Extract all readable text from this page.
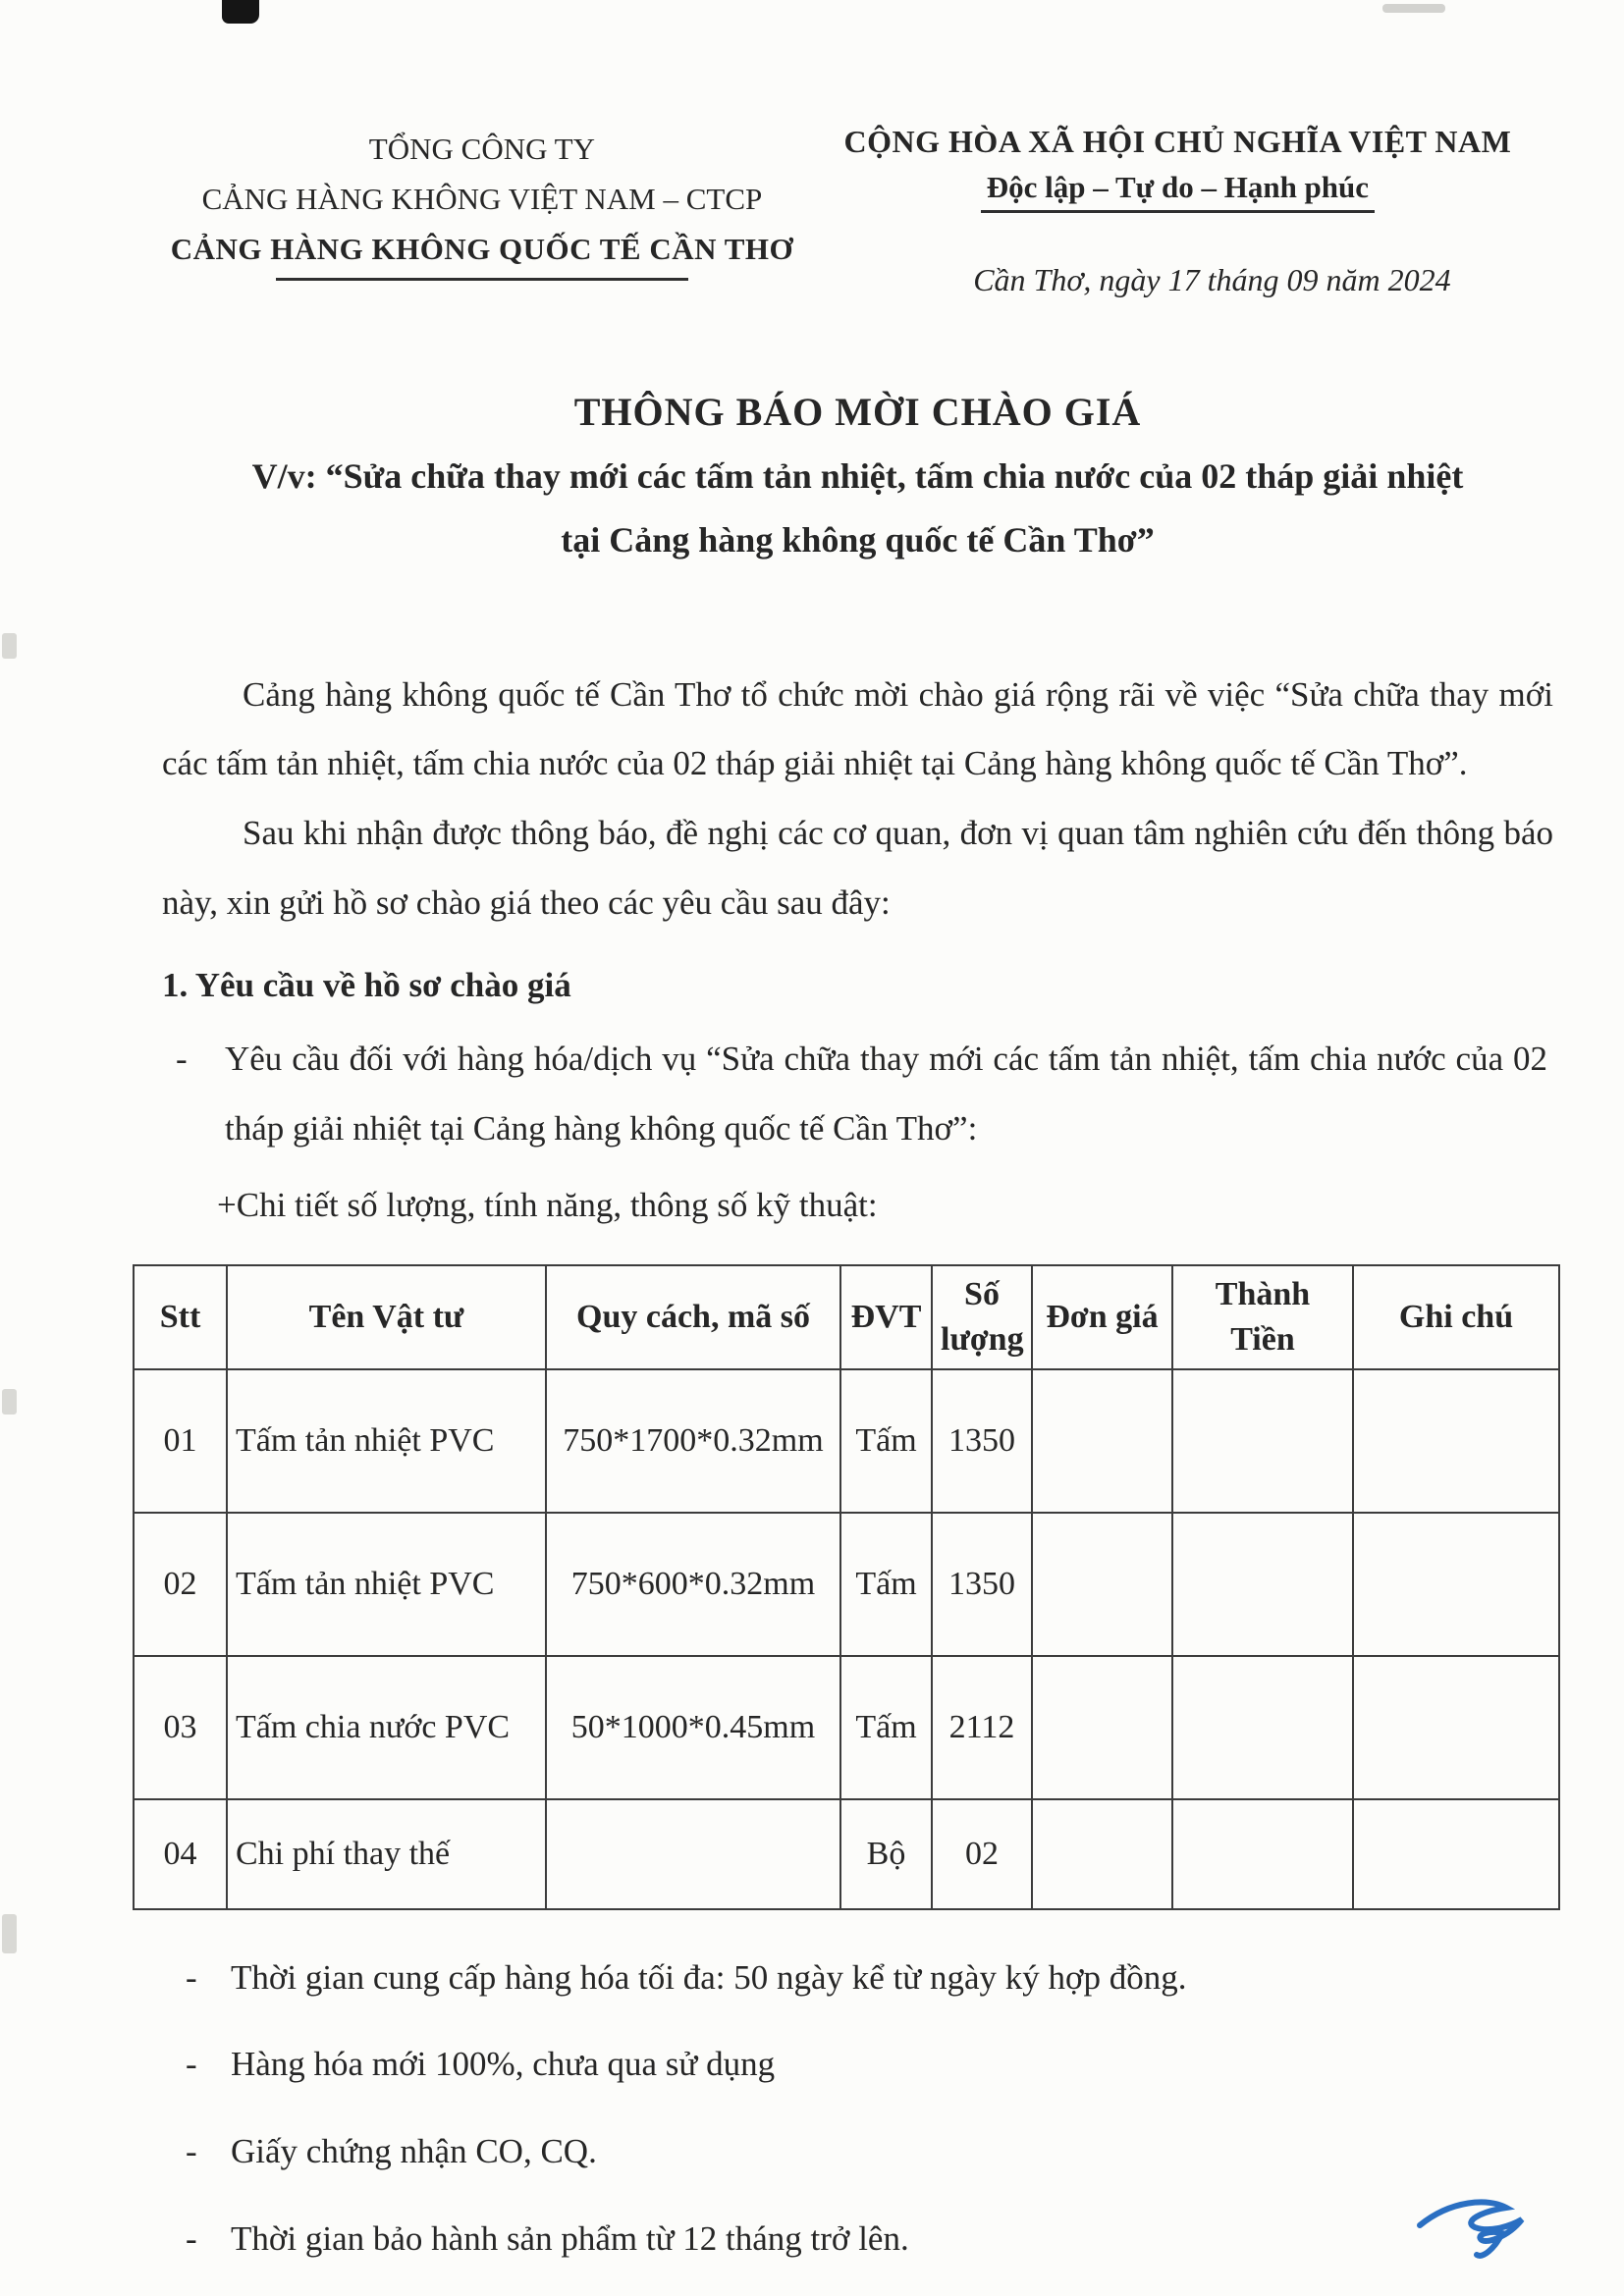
TỔNG CÔNG TY
CẢNG HÀNG KHÔNG VIỆT NAM – CTCP
CẢNG HÀNG KHÔNG QUỐC TẾ CẦN THƠ
CỘNG HÒA XÃ HỘI CHỦ NGHĨA VIỆT NAM
Độc lập – Tự do – Hạnh phúc
Cần Thơ, ngày 17 tháng 09 năm 2024
THÔNG BÁO MỜI CHÀO GIÁ
V/v: “Sửa chữa thay mới các tấm tản nhiệt, tấm chia nước của 02 tháp giải nhiệt
tại Cảng hàng không quốc tế Cần Thơ”
Cảng hàng không quốc tế Cần Thơ tổ chức mời chào giá rộng rãi về việc “Sửa chữa thay mới các tấm tản nhiệt, tấm chia nước của 02 tháp giải nhiệt tại Cảng hàng không quốc tế Cần Thơ”.
Sau khi nhận được thông báo, đề nghị các cơ quan, đơn vị quan tâm nghiên cứu đến thông báo này, xin gửi hồ sơ chào giá theo các yêu cầu sau đây:
1. Yêu cầu về hồ sơ chào giá
-	Yêu cầu đối với hàng hóa/dịch vụ “Sửa chữa thay mới các tấm tản nhiệt, tấm chia nước của 02 tháp giải nhiệt tại Cảng hàng không quốc tế Cần Thơ”:
+Chi tiết số lượng, tính năng, thông số kỹ thuật:
Stt	Tên Vật tư	Quy cách, mã số	ĐVT	Số lượng	Đơn giá	Thành Tiền	Ghi chú
01	Tấm tản nhiệt PVC	750*1700*0.32mm	Tấm	1350			
02	Tấm tản nhiệt PVC	750*600*0.32mm	Tấm	1350			
03	Tấm chia nước PVC	50*1000*0.45mm	Tấm	2112			
04	Chi phí thay thế		Bộ	02			
- Thời gian cung cấp hàng hóa tối đa: 50 ngày kể từ ngày ký hợp đồng.
- Hàng hóa mới 100%, chưa qua sử dụng
- Giấy chứng nhận CO, CQ.
- Thời gian bảo hành sản phẩm từ 12 tháng trở lên.
